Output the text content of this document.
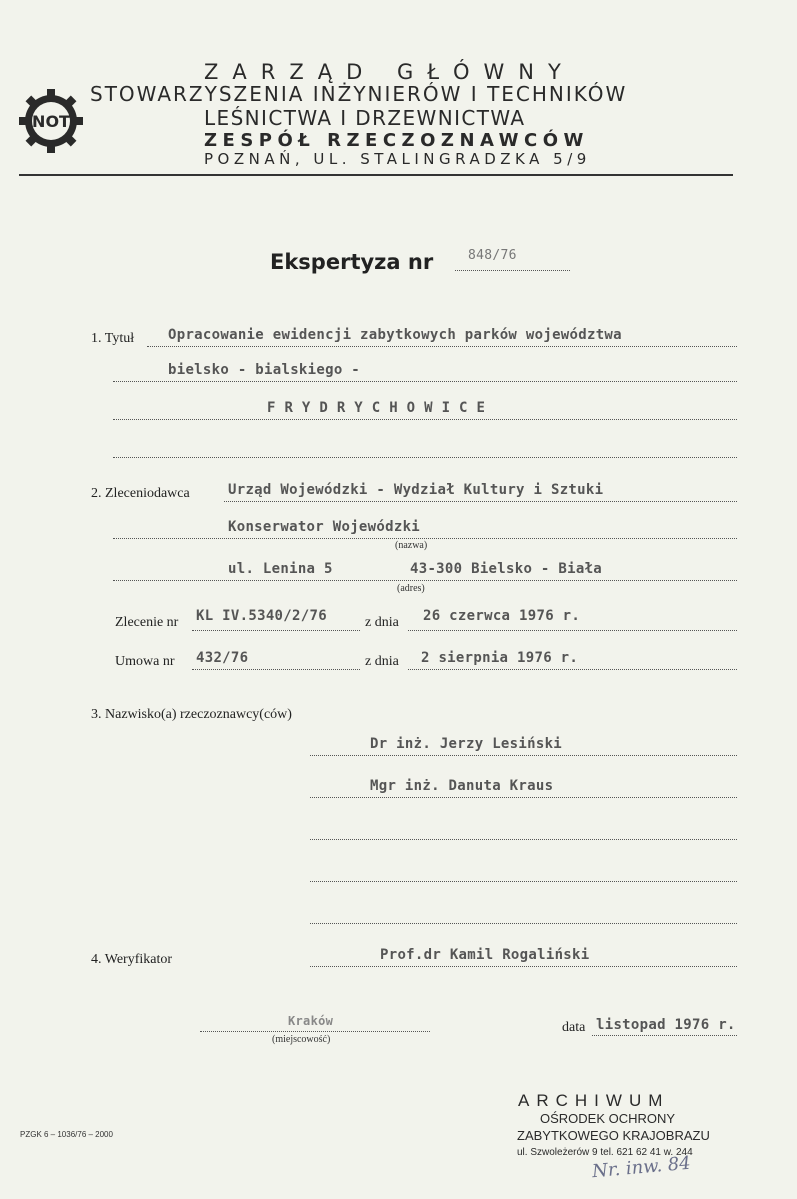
NOT
ZARZĄD GŁÓWNY
STOWARZYSZENIA INŻYNIERÓW I TECHNIKÓW
LEŚNICTWA I DRZEWNICTWA
ZESPÓŁ RZECZOZNAWCÓW
POZNAŃ, UL. STALINGRADZKA 5/9
Ekspertyza nr	848/76
1. Tytuł Opracowanie ewidencji zabytkowych parków województwa
bielsko - bialskiego -
F R Y D R Y C H O W I C E
2. Zleceniodawca	Urząd Wojewódzki - Wydział Kultury i Sztuki
Konserwator Wojewódzki
(nazwa)
ul. Lenina 5	43-300 Bielsko - Biała
(adres)
Zlecenie nr KL IV.5340/2/76	z dnia 26 czerwca 1976 r.
Umowa nr 432/76	z dnia 2 sierpnia 1976 r.
3. Nazwisko(a) rzeczoznawcy(ców)
Dr inż. Jerzy Lesiński
Mgr inż. Danuta Kraus
4. Weryfikator	Prof.dr Kamil Rogaliński
Kraków
(miejscowość)
data listopad 1976 r.
PZGK 6 – 1036/76 – 2000
ARCHIWUM
OŚRODEK OCHRONY
ZABYTKOWEGO KRAJOBRAZU
ul. Szwoleżerów 9 tel. 621 62 41 w. 244
Nr. inw. 84
